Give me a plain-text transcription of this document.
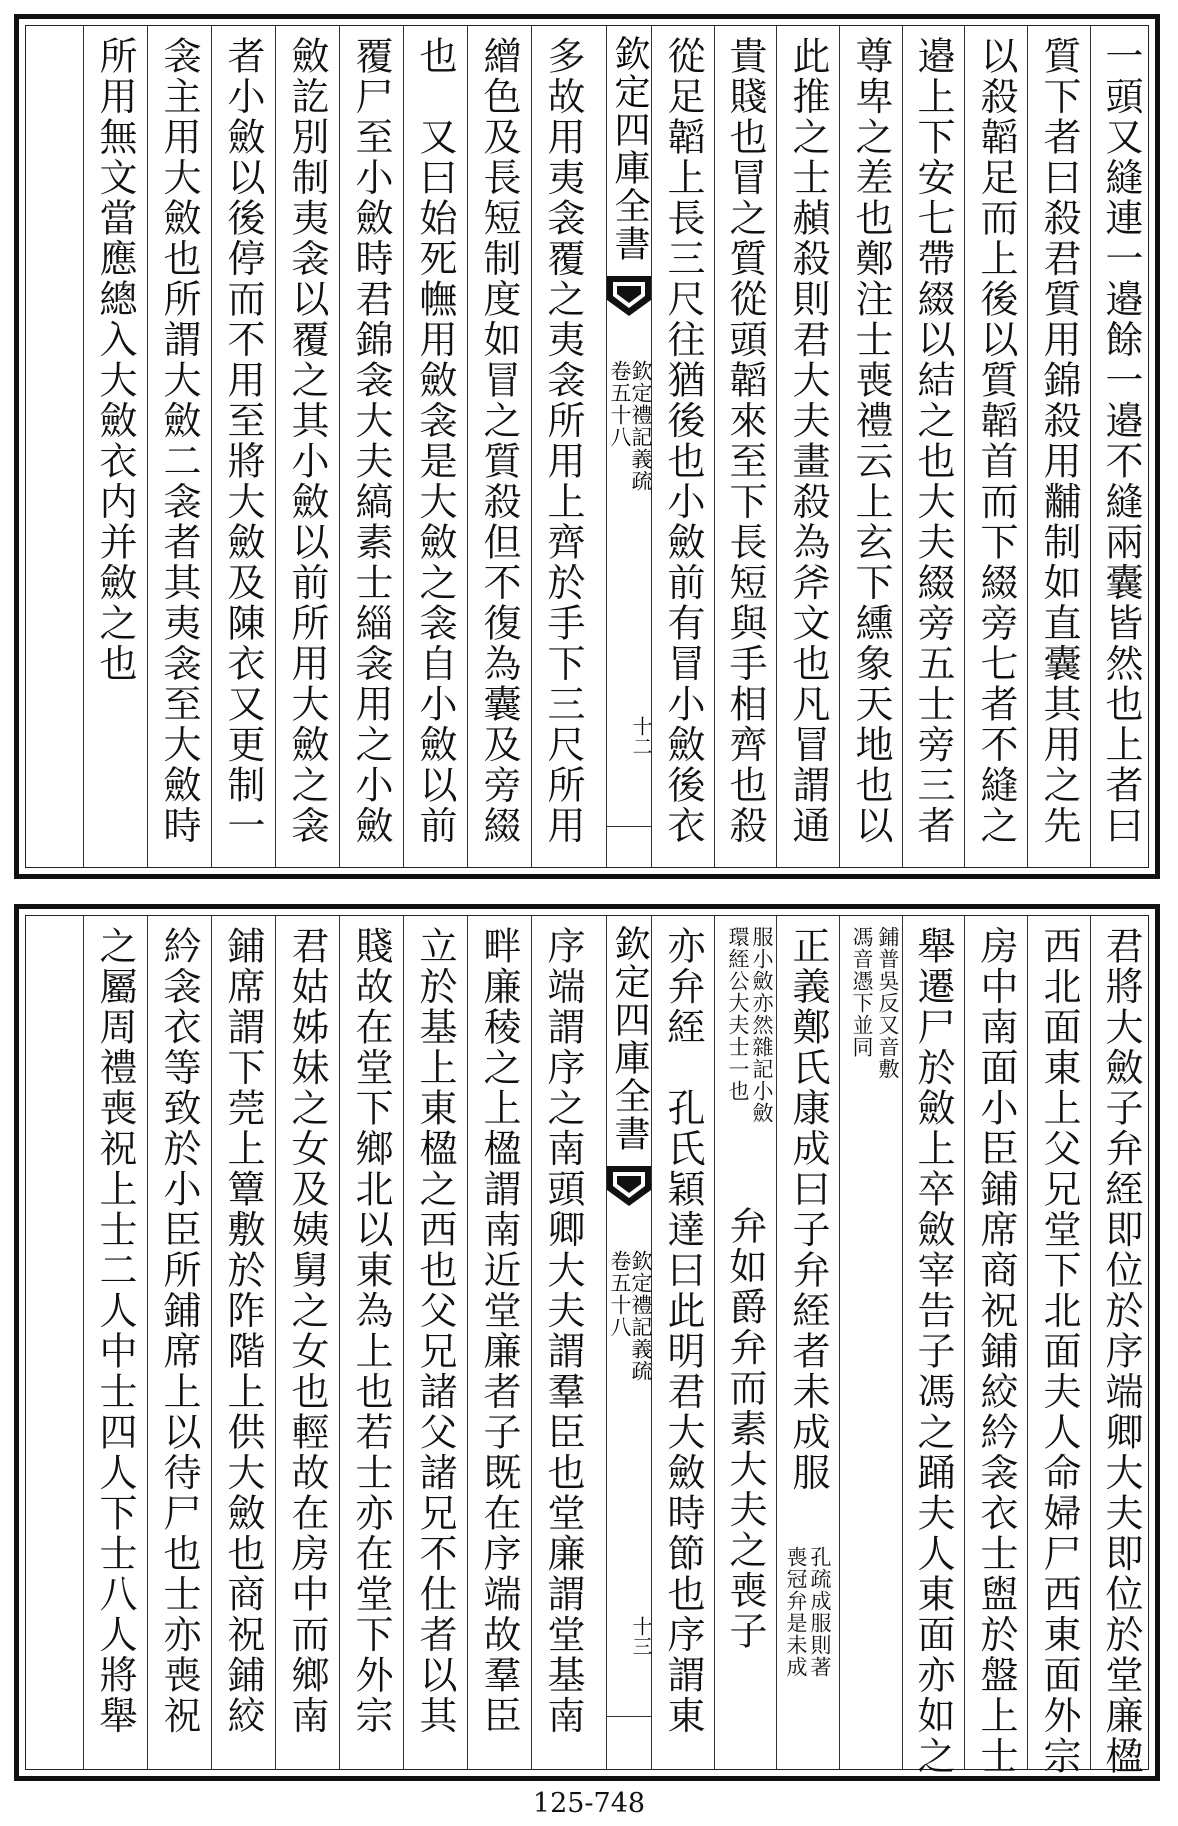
一頭又縫連一邉餘一邉不縫兩囊皆然也上者曰
質下者曰殺君質用錦殺用黼制如直囊其用之先
以殺韜足而上後以質韜首而下綴旁七者不縫之
邉上下安七帶綴以結之也大夫綴旁五士旁三者
尊卑之差也鄭注士喪禮云上玄下纁象天地也以
此推之士赬殺則君大夫畫殺為斧文也凡冒謂通
貴賤也冒之質從頭韜來至下長短與手相齊也殺
從足韜上長三尺往猶後也小斂前有冒小斂後衣
欽定四庫全書
欽定禮記義疏
卷五十八
十二
多故用夷衾覆之夷衾所用上齊於手下三尺所用
繒色及長短制度如冒之質殺但不復為囊及旁綴
也　又曰始死幠用斂衾是大斂之衾自小斂以前
覆尸至小斂時君錦衾大夫縞素士緇衾用之小斂
斂訖別制夷衾以覆之其小斂以前所用大斂之衾
者小斂以後停而不用至將大斂及陳衣又更制一
衾主用大斂也所謂大斂二衾者其夷衾至大斂時
所用無文當應總入大斂衣内并斂之也
君將大斂子弁絰即位於序端卿大夫即位於堂廉楹
西北面東上父兄堂下北面夫人命婦尸西東面外宗
房中南面小臣鋪席商祝鋪絞紟衾衣士盥於盤上士
舉遷尸於斂上卒斂宰告子馮之踊夫人東面亦如之
鋪普吳反又音敷
馮音憑下並同
正義鄭氏康成曰子弁絰者未成服
孔疏成服則著
喪冠弁是未成
服小斂亦然雜記小斂
環絰公大夫士一也
弁如爵弁而素大夫之喪子
亦弁絰　孔氏穎達曰此明君大斂時節也序謂東
欽定四庫全書
欽定禮記義疏
卷五十八
十三
序端謂序之南頭卿大夫謂羣臣也堂廉謂堂基南
畔廉稜之上楹謂南近堂廉者子既在序端故羣臣
立於基上東楹之西也父兄諸父諸兄不仕者以其
賤故在堂下鄉北以東為上也若士亦在堂下外宗
君姑姊妹之女及姨舅之女也輕故在房中而鄉南
鋪席謂下莞上簟敷於阼階上供大斂也商祝鋪絞
紟衾衣等致於小臣所鋪席上以待尸也士亦喪祝
之屬周禮喪祝上士二人中士四人下士八人將舉
125-748
